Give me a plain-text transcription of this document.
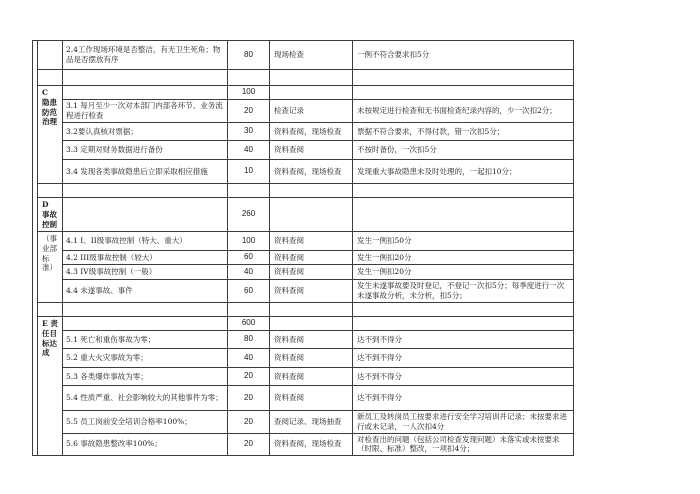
		2.4工作现场环境是否整洁，有无卫生死角；物品是否摆放有序	80	现场检查	一例不符合要求扣5分

	C 隐患防范治理		100		
		3.1 每月至少一次对本部门内部各环节、业务流程进行检查	20	检查记录	未按规定进行检查和无书面检查纪录内容的，少一次扣2分；
		3.2要认真核对票据；	30	资料查阅，现场检查	票据不符合要求，不得付款，错一次扣5分；
		3.3 定期对财务数据进行备份	40	资料查阅	不按时备份，一次扣5分
		3.4 发现各类事故隐患后立即采取相应措施	10	资料查阅，现场检查	发现重大事故隐患未及时处理的，一起扣10分；

	D 事故控制		260		
	（事业部标准）	4.1 I、II级事故控制（特大、重大）	100	资料查阅	发生一例扣50分
		4.2 III级事故控制（较大）	60	资料查阅	发生一例扣20分
		4.3 IV级事故控制（一般）	40	资料查阅	发生一例扣20分
		4.4 未遂事故、事件	60	资料查阅	发生未遂事故要及时登记，不登记一次扣5分；每季度进行一次未遂事故分析，未分析，扣5分；

	E 责任目标达成		600		
		5.1 死亡和重伤事故为零；	80	资料查阅	达不到不得分
		5.2 重大火灾事故为零；	40	资料查阅	达不到不得分
		5.3 各类爆炸事故为零；	20	资料查阅	达不到不得分
		5.4 性质严重、社会影响较大的其他事件为零；	20	资料查阅	达不到不得分
		5.5 员工岗前安全培训合格率100%；	20	查阅记录、现场抽查	新员工及转岗员工按要求进行安全学习培训并记录；未按要求进行或未记录，一人次扣4分
		5.6 事故隐患整改率100%；	20	资料查阅，现场检查	对检查出的问题（包括公司检查发现问题）未落实或未按要求（时限、标准）整改，一项扣4分；
